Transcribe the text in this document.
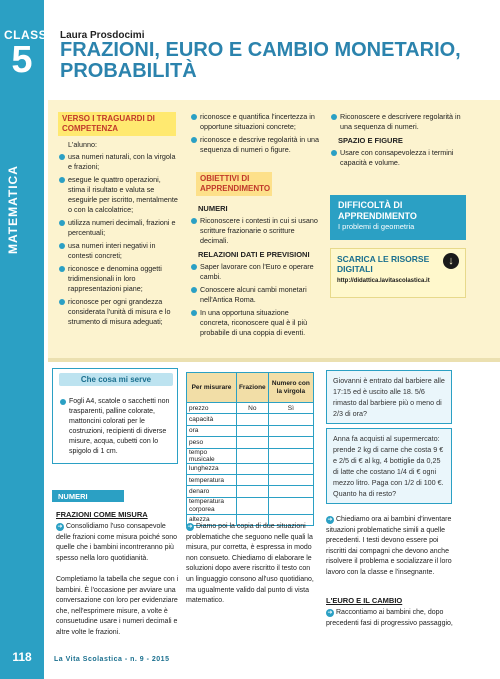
CLASSE
5
MATEMATICA
Laura Prosdocimi
FRAZIONI, EURO E CAMBIO MONETARIO, PROBABILITÀ
VERSO I TRAGUARDI DI COMPETENZA

L'alunno:

usa numeri naturali, con la virgola e frazioni;
esegue le quattro operazioni, stima il risultato e valuta se eseguirle per iscritto, mentalmente o con la calcolatrice;
utilizza numeri decimali, frazioni e percentuali;
usa numeri interi negativi in contesti concreti;
riconosce e denomina oggetti tridimensionali in loro rappresentazioni piane;
riconosce per ogni grandezza considerata l'unità di misura e lo strumento di misura adeguati;
riconosce e quantifica l'incertezza in opportune situazioni concrete;
riconosce e descrive regolarità in una sequenza di numeri o figure.
OBIETTIVI DI APPRENDIMENTO
NUMERI
Riconoscere i contesti in cui si usano scritture frazionarie o scritture decimali.
RELAZIONI DATI E PREVISIONI
Saper lavorare con l'Euro e operare cambi.
Conoscere alcuni cambi monetari nell'Antica Roma.
In una opportuna situazione concreta, riconoscere qual è il più probabile di una coppia di eventi.
Riconoscere e descrivere regolarità in una sequenza di numeri.
SPAZIO E FIGURE
Usare con consapevolezza i termini capacità e volume.
DIFFICOLTÀ DI APPRENDIMENTO
I problemi di geometria
SCARICA LE RISORSE DIGITALI
http://didattica.lavitascolastica.it
↓
Che cosa mi serve
Fogli A4, scatole o sacchetti non trasparenti, palline colorate, mattoncini colorati per le costruzioni, recipienti di diverse misure, acqua, cubetti con lo spigolo di 1 cm.
NUMERI
FRAZIONI COME MISURA
➜ Consolidiamo l'uso consapevole delle frazioni come misura poiché sono quelle che i bambini incontreranno più spesso nella loro quotidianità.
Completiamo la tabella che segue con i bambini. È l'occasione per avviare una conversazione con loro per evidenziare che, nell'esprimere misure, a volte è consuetudine usare i numeri decimali e altre volte le frazioni.
Per misurare	Frazione	Numero con la virgola
prezzo	No	Sì
capacità		
ora		
peso		
tempo musicale		
lunghezza		
temperatura		
denaro		
temperatura corporea		
altezza		
➜ Diamo poi la copia di due situazioni problematiche che seguono nelle quali la misura, pur corretta, è espressa in modo non consueto. Chiediamo di elaborare le soluzioni dopo avere riscritto il testo con un linguaggio consono all'uso quotidiano, ma ugualmente valido dal punto di vista matematico.
Giovanni è entrato dal barbiere alle 17:15 ed è uscito alle 18. 5/6 rimasto dal barbiere più o meno di 2/3 di ora?
Anna fa acquisti al supermercato: prende 2 kg di carne che costa 9 € e 2/5 di € al kg, 4 bottiglie da 0,25 di latte che costano 1/4 di € ogni mezzo litro. Paga con 1/2 di 100 €. Quanto ha di resto?
➜ Chiediamo ora ai bambini d'inventare situazioni problematiche simili a quelle precedenti. I testi devono essere poi riscritti dai compagni che devono anche risolvere il problema e socializzare il loro lavoro con la classe e l'insegnante.
L'EURO E IL CAMBIO
➜ Raccontiamo ai bambini che, dopo precedenti fasi di progressivo passaggio,
118	La Vita Scolastica - n. 9 - 2015
